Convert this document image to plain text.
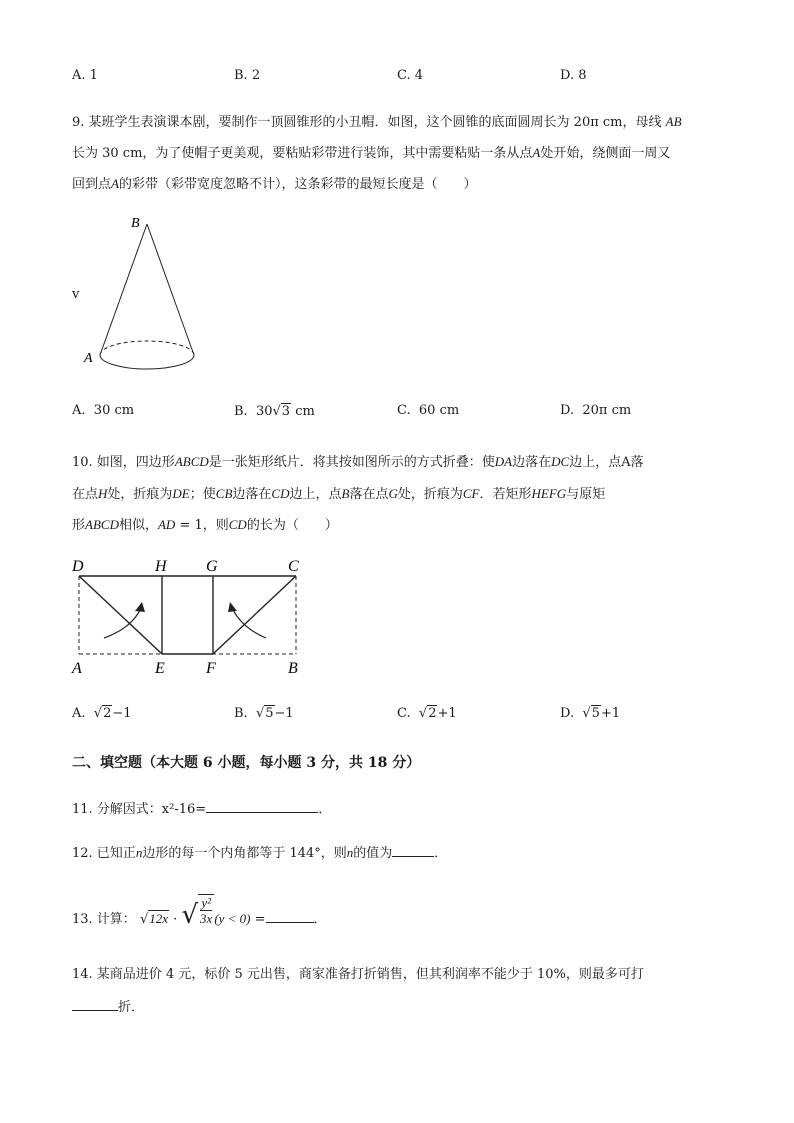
A. 1	B. 2	C. 4	D. 8
9. 某班学生表演课本剧，要制作一顶圆锥形的小丑帽．如图，这个圆锥的底面圆周长为 20π cm，母线 AB
长为 30 cm，为了使帽子更美观，要粘贴彩带进行装饰，其中需要粘贴一条从点A处开始，绕侧面一周又
回到点A的彩带（彩带宽度忽略不计），这条彩带的最短长度是（　　）
v
B
A
A. 30 cm	B. 30√3 cm	C. 60 cm	D. 20π cm
10. 如图，四边形ABCD是一张矩形纸片．将其按如图所示的方式折叠：使DA边落在DC边上，点A落
在点H处，折痕为DE；使CB边落在CD边上，点B落在点G处，折痕为CF．若矩形HEFG与原矩
形ABCD相似，AD = 1，则CD的长为（　　）
D	H G	C
A	E	F	B
A. √2−1	B. √5−1	C. √2+1	D. √5+1
二、填空题（本大题 6 小题，每小题 3 分，共 18 分）
11. 分解因式：x²-16=	．
12. 已知正n边形的每一个内角都等于 144°，则n的值为	．
13. 计算： √12x · √ $\frac{\text{y²}}{3x} (y < 0)$ =	．
14. 某商品进价 4 元，标价 5 元出售，商家准备打折销售，但其利润率不能少于 10%，则最多可打
折．
